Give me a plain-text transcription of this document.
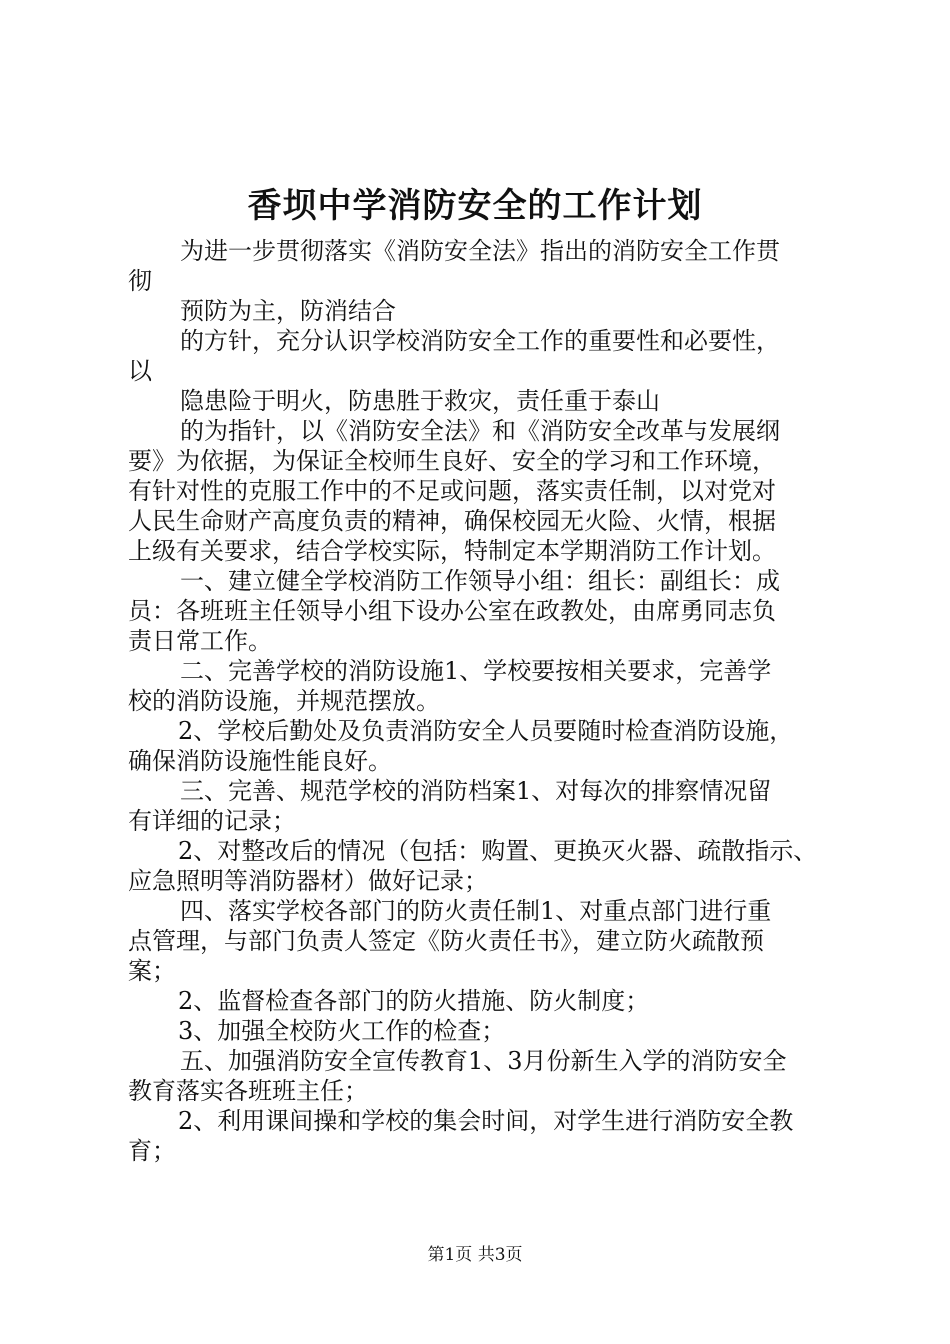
香坝中学消防安全的工作计划
为进一步贯彻落实《消防安全法》指出的消防安全工作贯
彻
预防为主，防消结合
的方针，充分认识学校消防安全工作的重要性和必要性，
以
隐患险于明火，防患胜于救灾，责任重于泰山
的为指针，以《消防安全法》和《消防安全改革与发展纲
要》为依据，为保证全校师生良好、安全的学习和工作环境，
有针对性的克服工作中的不足或问题，落实责任制，以对党对
人民生命财产高度负责的精神，确保校园无火险、火情，根据
上级有关要求，结合学校实际，特制定本学期消防工作计划。
一、建立健全学校消防工作领导小组：组长：副组长：成
员：各班班主任领导小组下设办公室在政教处，由席勇同志负
责日常工作。
二、完善学校的消防设施1、学校要按相关要求，完善学
校的消防设施，并规范摆放。
2、学校后勤处及负责消防安全人员要随时检查消防设施，
确保消防设施性能良好。
三、完善、规范学校的消防档案1、对每次的排察情况留
有详细的记录；
2、对整改后的情况（包括：购置、更换灭火器、疏散指示、
应急照明等消防器材）做好记录；
四、落实学校各部门的防火责任制1、对重点部门进行重
点管理，与部门负责人签定《防火责任书》，建立防火疏散预
案；
2、监督检查各部门的防火措施、防火制度；
3、加强全校防火工作的检查；
五、加强消防安全宣传教育1、3月份新生入学的消防安全
教育落实各班班主任；
2、利用课间操和学校的集会时间，对学生进行消防安全教
育；
第1页 共3页
